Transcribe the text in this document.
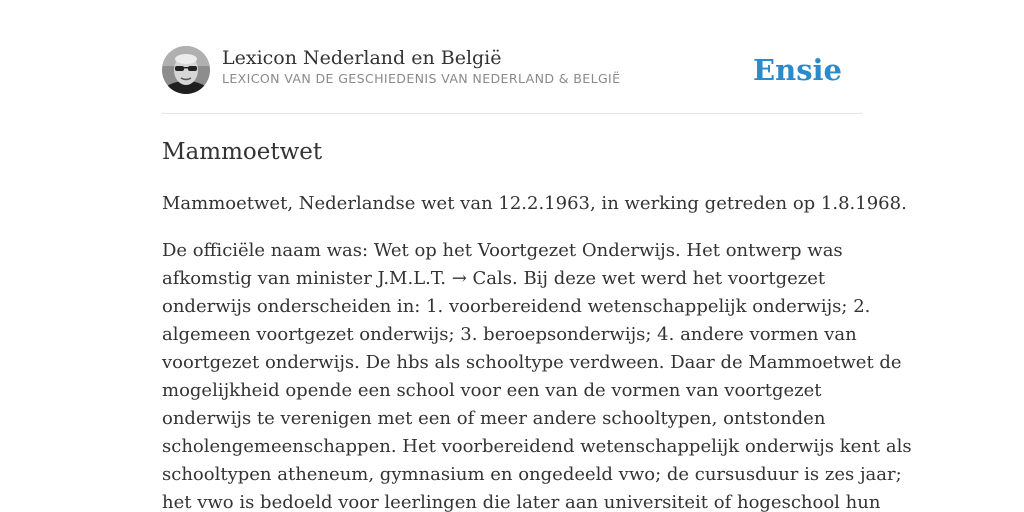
Lexicon Nederland en België
LEXICON VAN DE GESCHIEDENIS VAN NEDERLAND & BELGIË	Ensie
Mammoetwet

Mammoetwet, Nederlandse wet van 12.2.1963, in werking getreden op 1.8.1968.

De officiële naam was: Wet op het Voortgezet Onderwijs. Het ontwerp was
afkomstig van minister J.M.L.T. → Cals. Bij deze wet werd het voortgezet
onderwijs onderscheiden in: 1. voorbereidend wetenschappelijk onderwijs; 2.
algemeen voortgezet onderwijs; 3. beroepsonderwijs; 4. andere vormen van
voortgezet onderwijs. De hbs als schooltype verdween. Daar de Mammoetwet de
mogelijkheid opende een school voor een van de vormen van voortgezet
onderwijs te verenigen met een of meer andere schooltypen, ontstonden
scholengemeenschappen. Het voorbereidend wetenschappelijk onderwijs kent als
schooltypen atheneum, gymnasium en ongedeeld vwo; de cursusduur is zes jaar;
het vwo is bedoeld voor leerlingen die later aan universiteit of hogeschool hun
